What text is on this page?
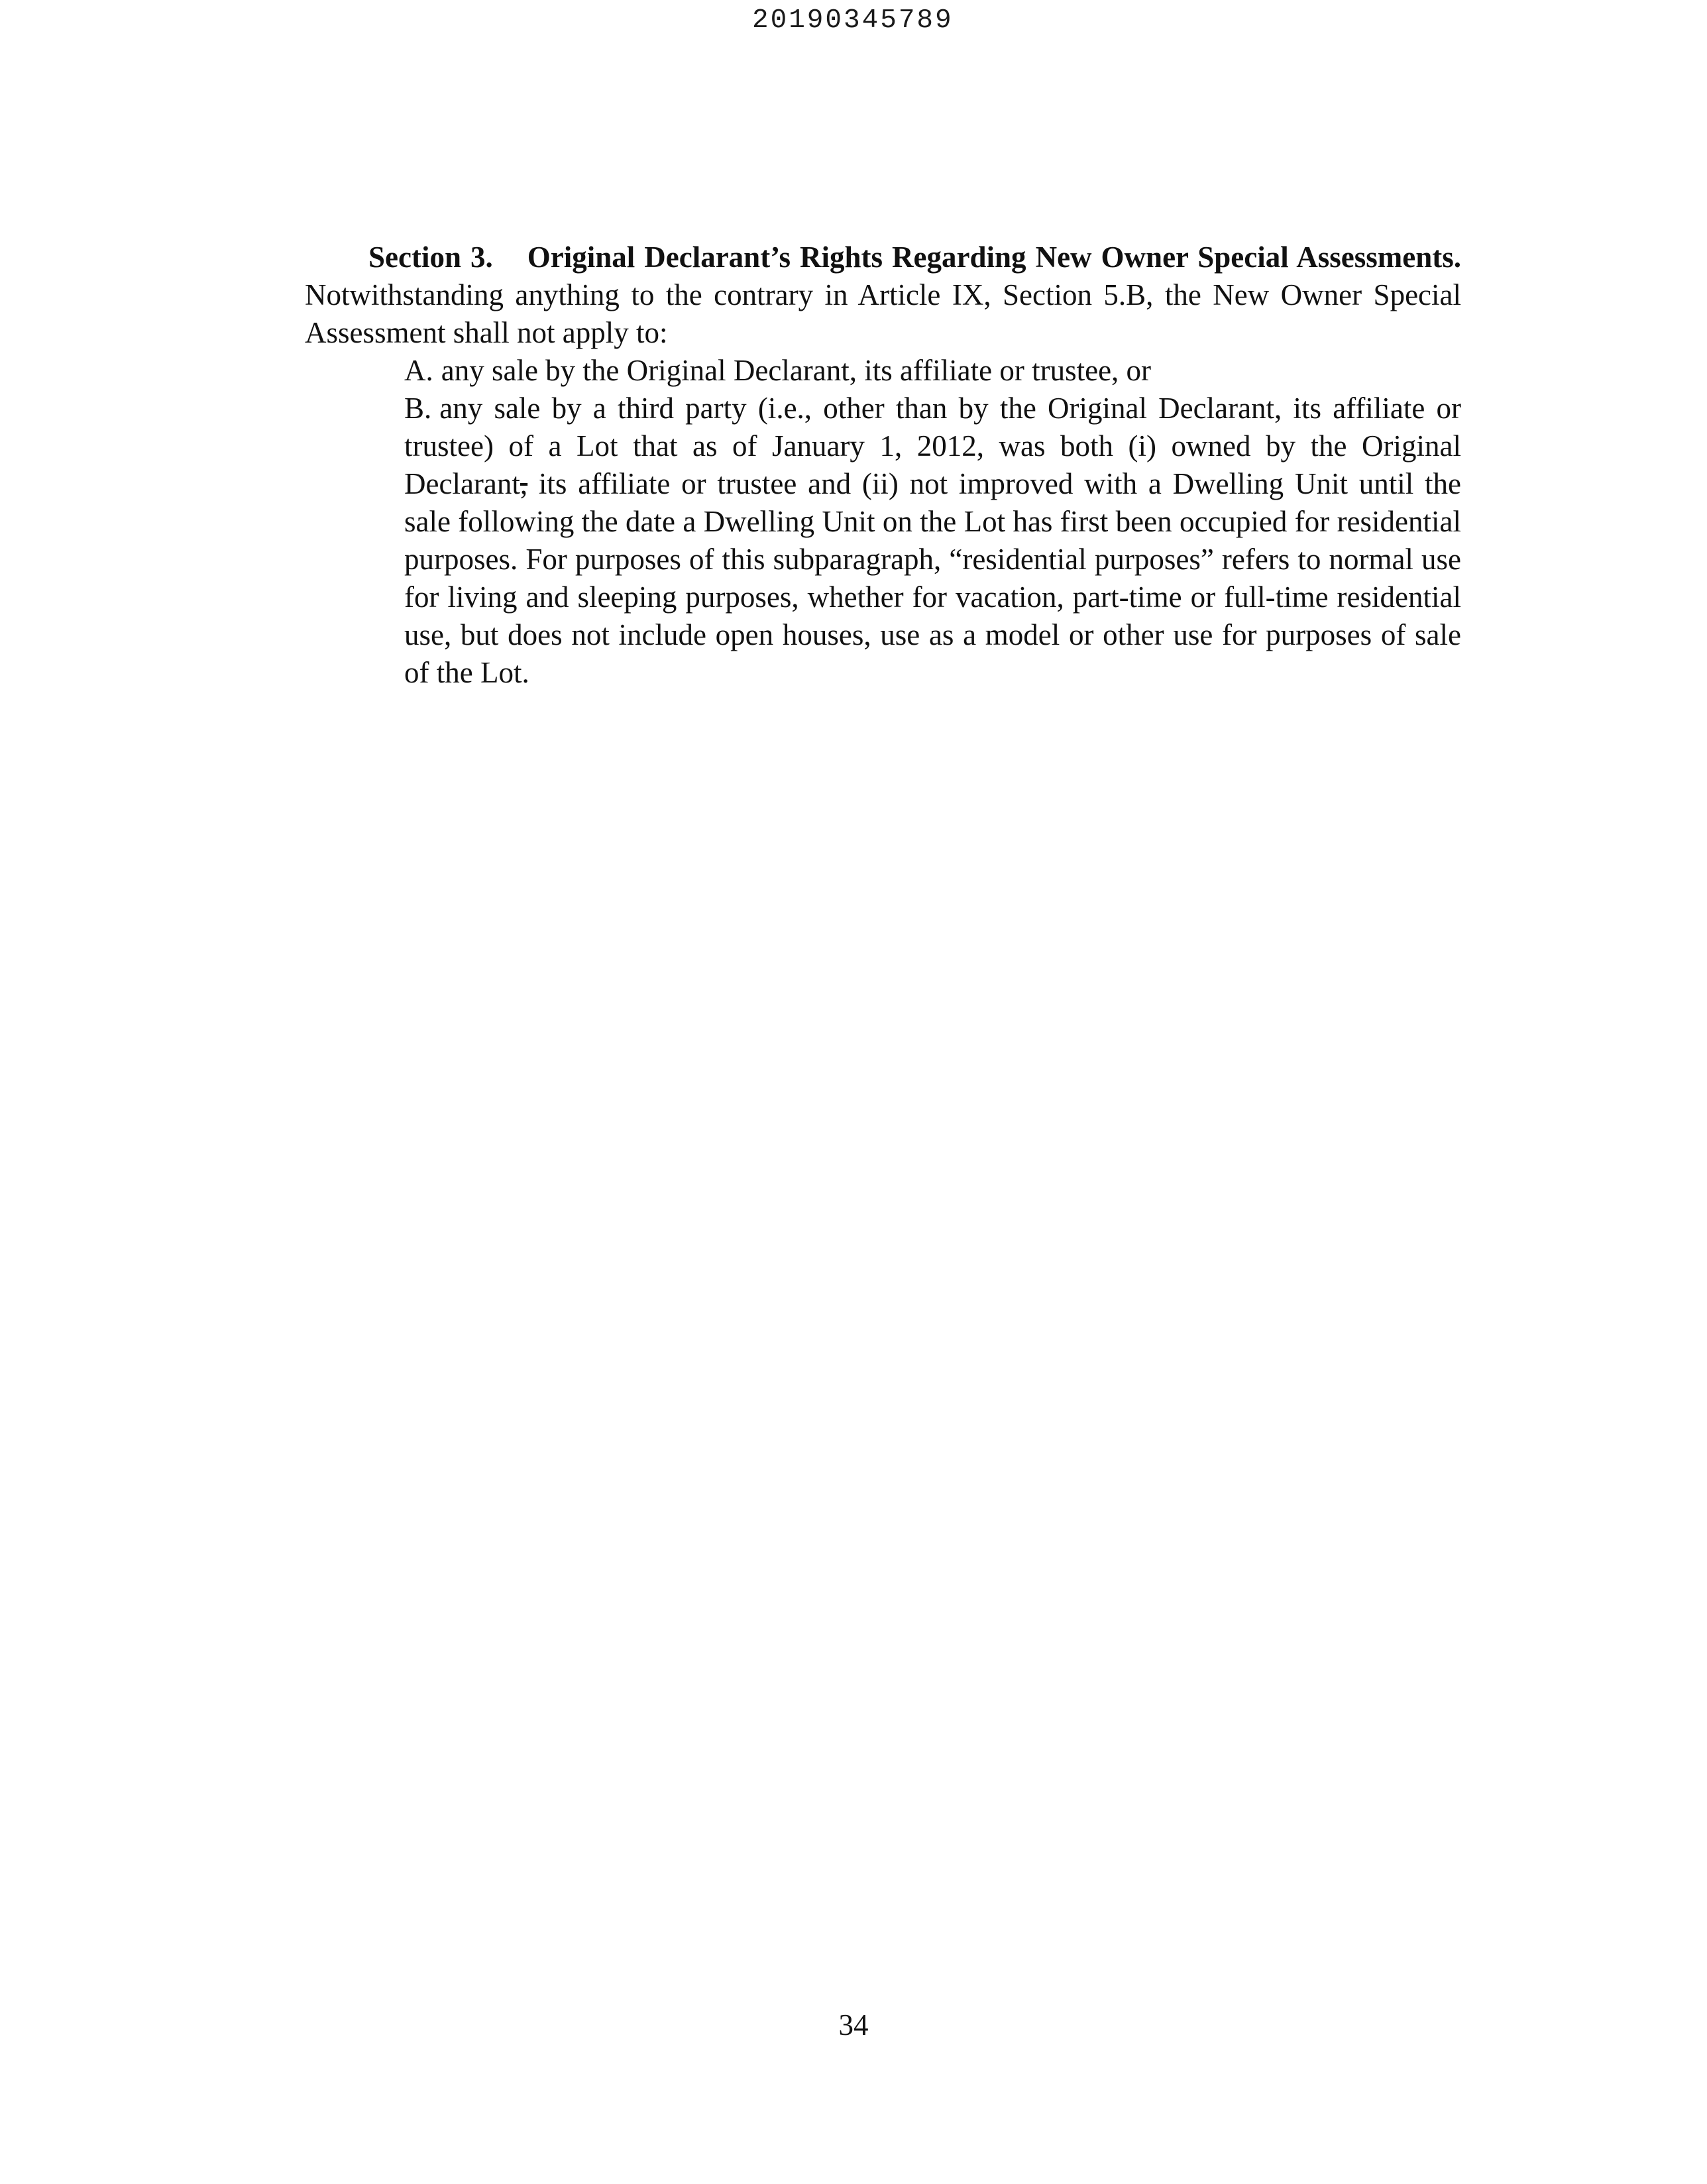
20190345789

Section 3. Original Declarant’s Rights Regarding New Owner Special Assessments. Notwithstanding anything to the contrary in Article IX, Section 5.B, the New Owner Special Assessment shall not apply to:

A. any sale by the Original Declarant, its affiliate or trustee, or

B. any sale by a third party (i.e., other than by the Original Declarant, its affiliate or trustee) of a Lot that as of January 1, 2012, was both (i) owned by the Original Declarant, its affiliate or trustee and (ii) not improved with a Dwelling Unit until the sale following the date a Dwelling Unit on the Lot has first been occupied for residential purposes. For purposes of this subparagraph, “residential purposes” refers to normal use for living and sleeping purposes, whether for vacation, part-time or full-time residential use, but does not include open houses, use as a model or other use for purposes of sale of the Lot.

34
